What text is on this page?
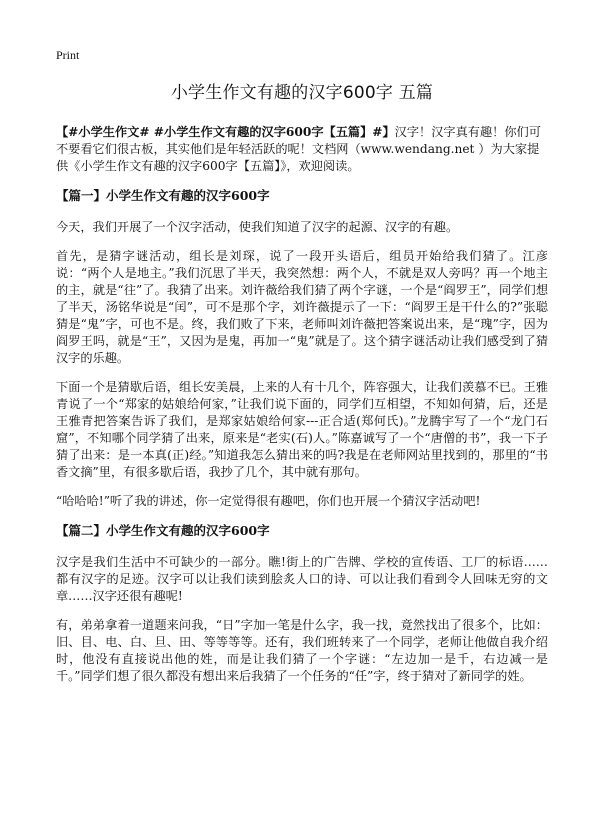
Print
小学生作文有趣的汉字600字 五篇
【#小学生作文# #小学生作文有趣的汉字600字【五篇】#】汉字！汉字真有趣！你们可不要看它们很古板，其实他们是年轻活跃的呢！文档网（www.wendang.net ）为大家提供《小学生作文有趣的汉字600字【五篇】》，欢迎阅读。
【篇一】小学生作文有趣的汉字600字
今天，我们开展了一个汉字活动，使我们知道了汉字的起源、汉字的有趣。
首先，是猜字谜活动，组长是刘琛，说了一段开头语后，组员开始给我们猜了。江彦说：“两个人是地主。”我们沉思了半天，我突然想：两个人，不就是双人旁吗？再一个地主的主，就是“往”了。我猜了出来。刘许薇给我们猜了两个字谜，一个是“阎罗王”，同学们想了半天，汤铭华说是“闰”，可不是那个字，刘许薇提示了一下：“阎罗王是干什么的?”张聪猜是“鬼”字，可也不是。终，我们败了下来，老师叫刘许薇把答案说出来，是“瑰”字，因为阎罗王吗，就是“王”，又因为是鬼，再加一“鬼”就是了。这个猜字谜活动让我们感受到了猜汉字的乐趣。
下面一个是猜歇后语，组长安美晨，上来的人有十几个，阵容强大，让我们羡慕不已。王雅青说了一个“郑家的姑娘给何家，”让我们说下面的，同学们互相望，不知如何猜，后，还是王雅青把答案告诉了我们，是郑家姑娘给何家---正合适(郑何氏)。”龙腾宇写了一个“龙门石窟”，不知哪个同学猜了出来，原来是“老实(石)人。”陈嘉诚写了一个“唐僧的书”，我一下子猜了出来：是一本真(正)经。”知道我怎么猜出来的吗?我是在老师网站里找到的，那里的“书香文摘”里，有很多歇后语，我抄了几个，其中就有那句。
“哈哈哈!”听了我的讲述，你一定觉得很有趣吧，你们也开展一个猜汉字活动吧!
【篇二】小学生作文有趣的汉字600字
汉字是我们生活中不可缺少的一部分。瞧!街上的广告牌、学校的宣传语、工厂的标语……都有汉字的足迹。汉字可以让我们读到脍炙人口的诗、可以让我们看到令人回味无穷的文章……汉字还很有趣呢!
有，弟弟拿着一道题来问我，“日”字加一笔是什么字，我一找，竟然找出了很多个，比如：旧、目、电、白、旦、田、等等等等。还有，我们班转来了一个同学，老师让他做自我介绍时，他没有直接说出他的姓，而是让我们猜了一个字谜：“左边加一是千，右边减一是千。”同学们想了很久都没有想出来后我猜了一个任务的“任”字，终于猜对了新同学的姓。
